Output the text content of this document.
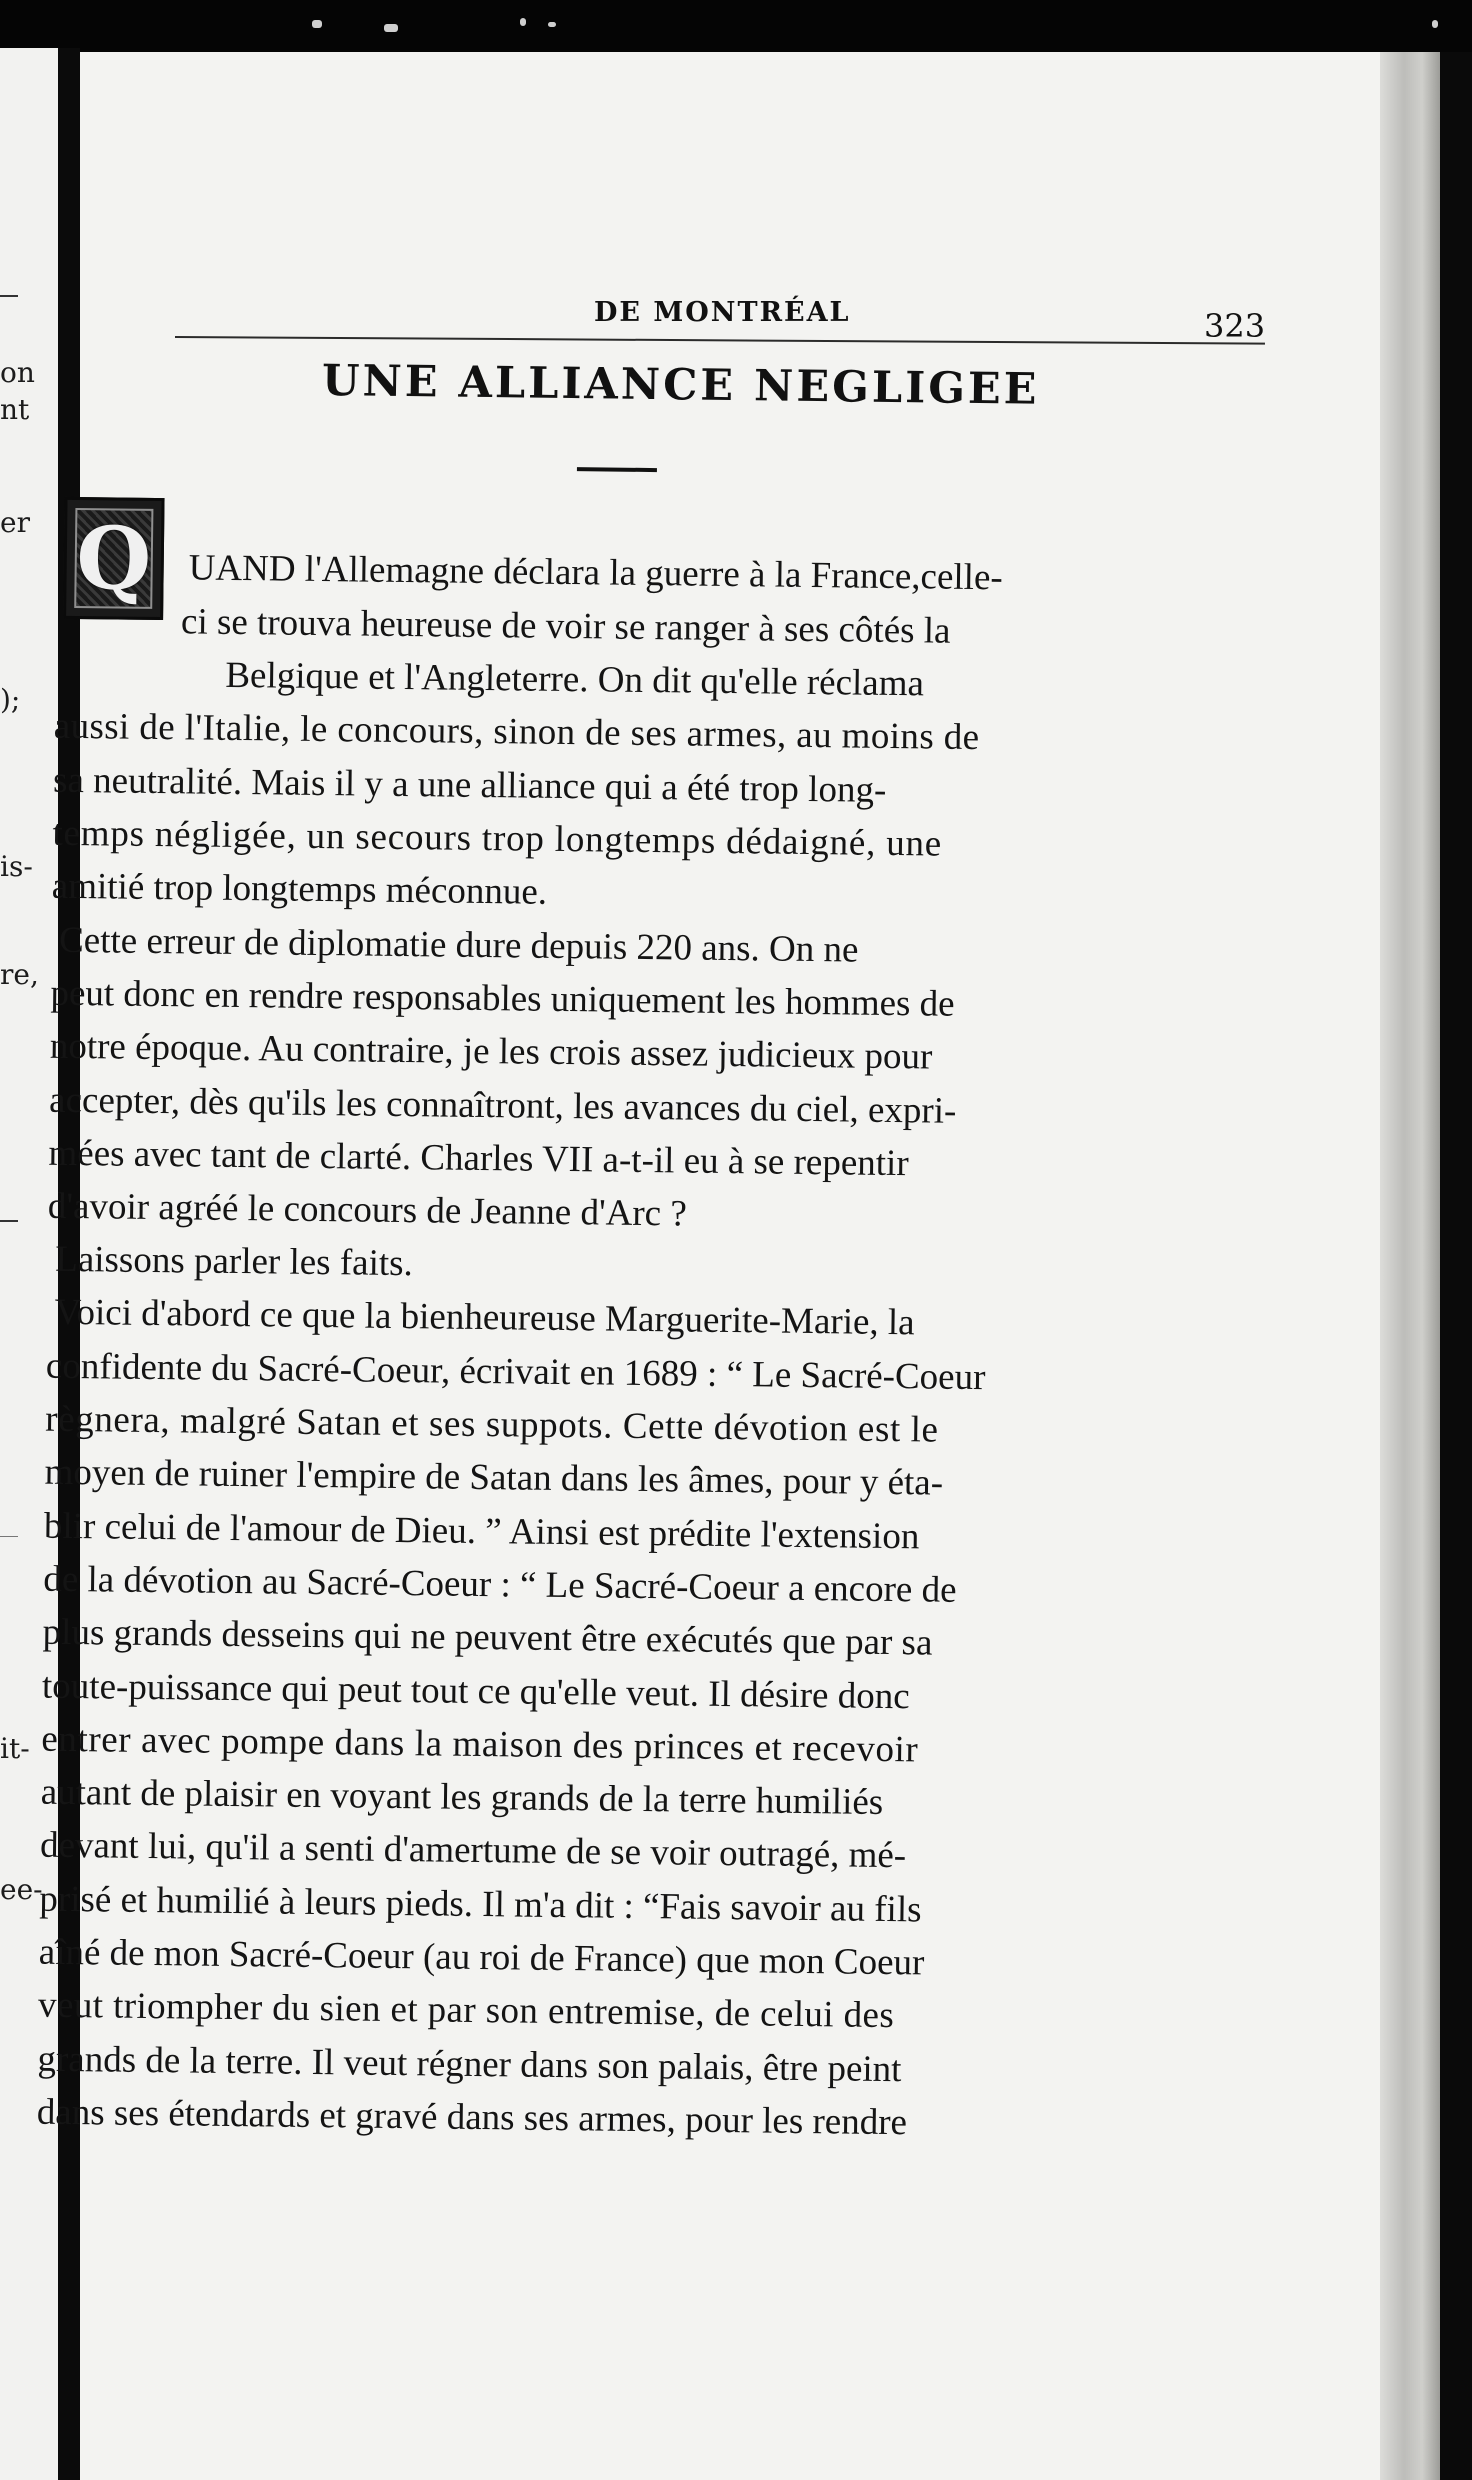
on
nt
er
);
is-
re,
it-
ee-
DE MONTRÉAL	323
UNE ALLIANCE NEGLIGEE
Q UAND l'Allemagne déclara la guerre à la France,celle-
ci se trouva heureuse de voir se ranger à ses côtés la
Belgique et l'Angleterre. On dit qu'elle réclama
aussi de l'Italie, le concours, sinon de ses armes, au moins de
sa neutralité. Mais il y a une alliance qui a été trop long-
temps négligée, un secours trop longtemps dédaigné, une
amitié trop longtemps méconnue.
Cette erreur de diplomatie dure depuis 220 ans. On ne
peut donc en rendre responsables uniquement les hommes de
notre époque. Au contraire, je les crois assez judicieux pour
accepter, dès qu'ils les connaîtront, les avances du ciel, expri-
mées avec tant de clarté. Charles VII a-t-il eu à se repentir
d'avoir agréé le concours de Jeanne d'Arc ?
Laissons parler les faits.
Voici d'abord ce que la bienheureuse Marguerite-Marie, la
confidente du Sacré-Coeur, écrivait en 1689 : “ Le Sacré-Coeur
règnera, malgré Satan et ses suppots. Cette dévotion est le
moyen de ruiner l'empire de Satan dans les âmes, pour y éta-
blir celui de l'amour de Dieu. ” Ainsi est prédite l'extension
de la dévotion au Sacré-Coeur : “ Le Sacré-Coeur a encore de
plus grands desseins qui ne peuvent être exécutés que par sa
toute-puissance qui peut tout ce qu'elle veut. Il désire donc
entrer avec pompe dans la maison des princes et recevoir
autant de plaisir en voyant les grands de la terre humiliés
devant lui, qu'il a senti d'amertume de se voir outragé, mé-
prisé et humilié à leurs pieds. Il m'a dit : “Fais savoir au fils
aîné de mon Sacré-Coeur (au roi de France) que mon Coeur
veut triompher du sien et par son entremise, de celui des
grands de la terre. Il veut régner dans son palais, être peint
dans ses étendards et gravé dans ses armes, pour les rendre
